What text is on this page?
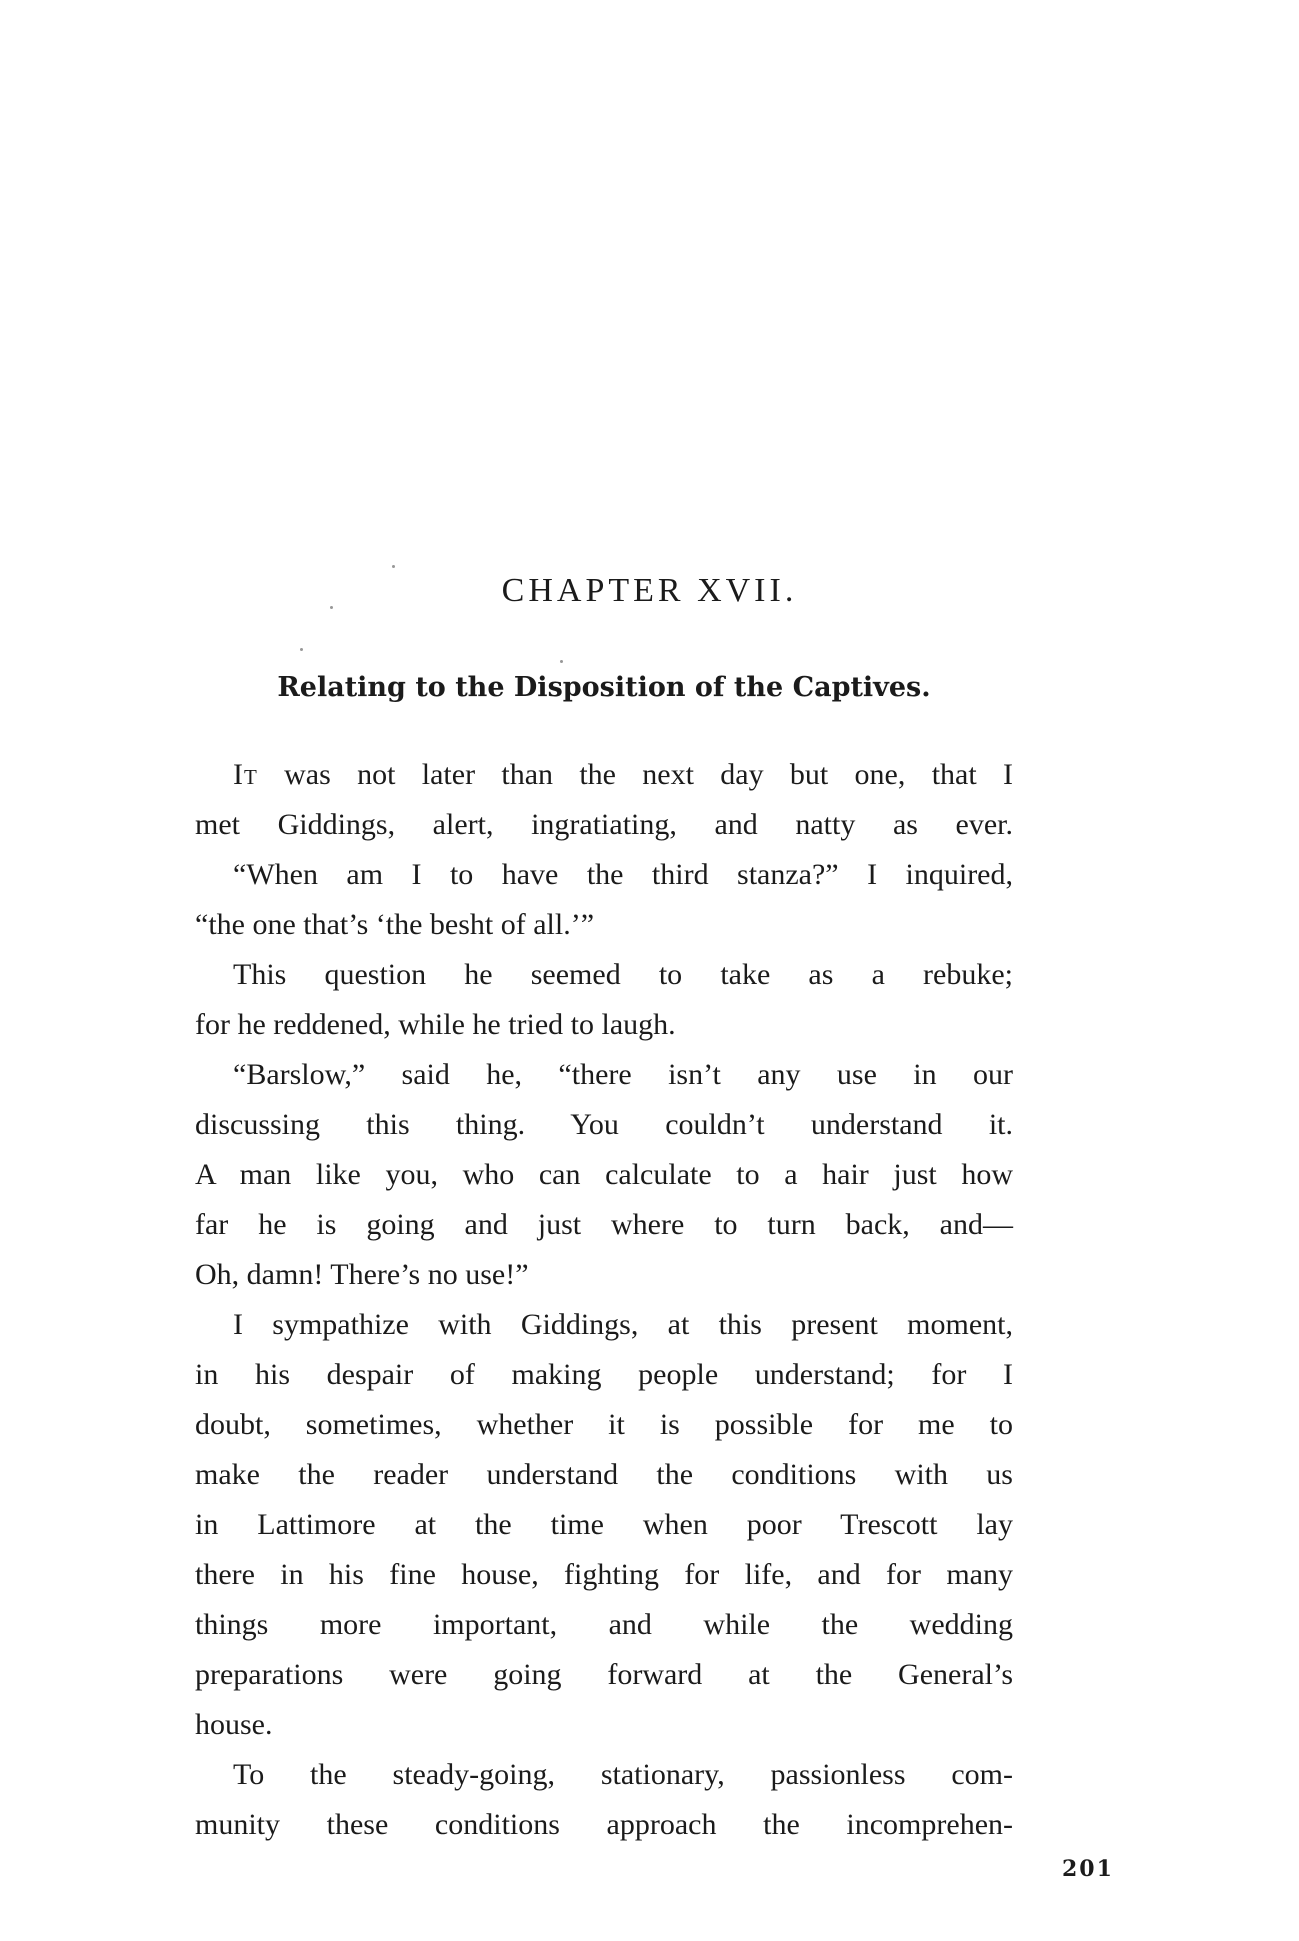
CHAPTER XVII.
Relating to the Disposition of the Captives.
It was not later than the next day but one, that I
met Giddings, alert, ingratiating, and natty as ever.
“When am I to have the third stanza?” I inquired,
“the one that’s ‘the besht of all.’”
This question he seemed to take as a rebuke;
for he reddened, while he tried to laugh.
“Barslow,” said he, “there isn’t any use in our
discussing this thing. You couldn’t understand it.
A man like you, who can calculate to a hair just how
far he is going and just where to turn back, and—
Oh, damn! There’s no use!”
I sympathize with Giddings, at this present moment,
in his despair of making people understand; for I
doubt, sometimes, whether it is possible for me to
make the reader understand the conditions with us
in Lattimore at the time when poor Trescott lay
there in his fine house, fighting for life, and for many
things more important, and while the wedding
preparations were going forward at the General’s
house.
To the steady-going, stationary, passionless com-
munity these conditions approach the incomprehen-
201
